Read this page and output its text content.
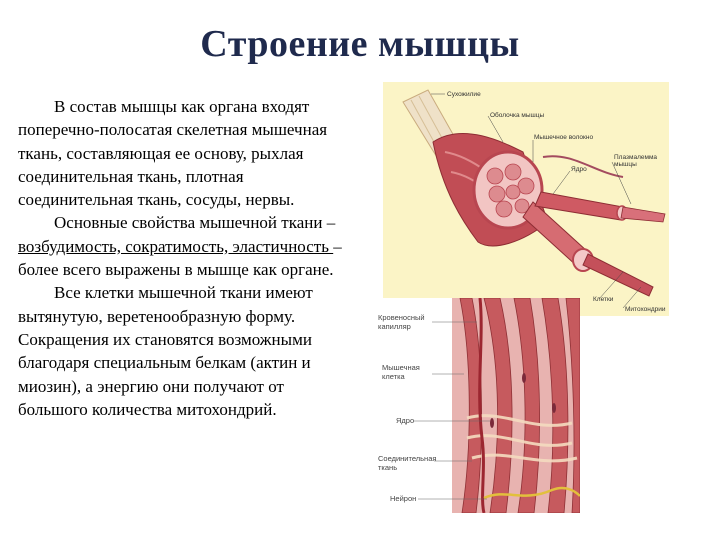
Строение мышцы

В состав мышцы как органа входят поперечно-полосатая скелетная мышечная ткань, составляющая ее основу, рыхлая соединительная ткань, плотная соединительная ткань, сосуды, нервы.

Основные свойства мышечной ткани – возбудимость, сократимость, эластичность – более всего выражены в мышце как органе.

Все клетки мышечной ткани имеют вытянутую, веретенообразную форму. Сокращения их становятся возможными благодаря специальным белкам (актин и миозин), а энергию они получают от большого количества митохондрий.

Сухожилие
Оболочка мышцы
Мышечное волокно
Ядро
Плазмалемма
мышцы
Клетки
Митохондрии
Кровеносный
капилляр
Мышечная
клетка
Ядро
Соединительная
ткань
Нейрон
